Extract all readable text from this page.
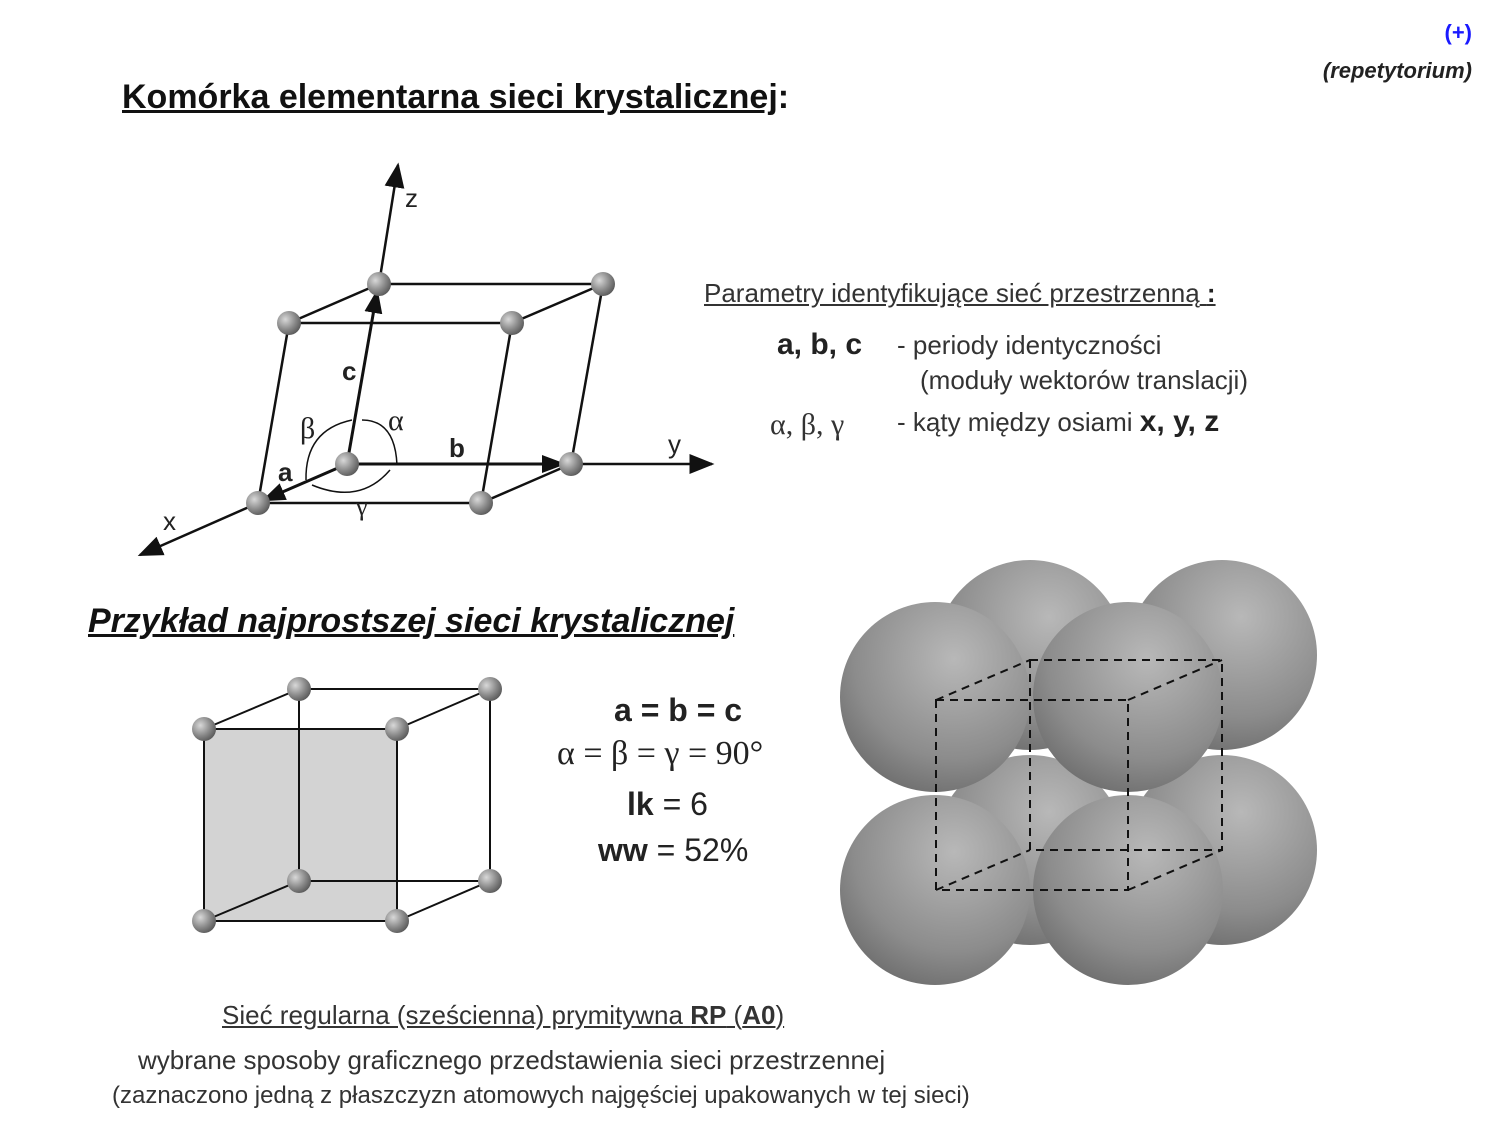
(+)
(repetytorium)
Komórka elementarna sieci krystalicznej:
z
y
x
a
b
c
α
β
γ
Parametry identyfikujące sieć przestrzenną :
a, b, c - periody identyczności
(moduły wektorów translacji)
α, β, γ - kąty między osiami x, y, z
Przykład najprostszej sieci krystalicznej
a = b = c
α = β = γ = 90°
lk = 6
ww = 52%
Sieć regularna (sześcienna) prymitywna RP (A0)
wybrane sposoby graficznego przedstawienia sieci przestrzennej
(zaznaczono jedną z płaszczyzn atomowych najgęściej upakowanych w tej sieci)
